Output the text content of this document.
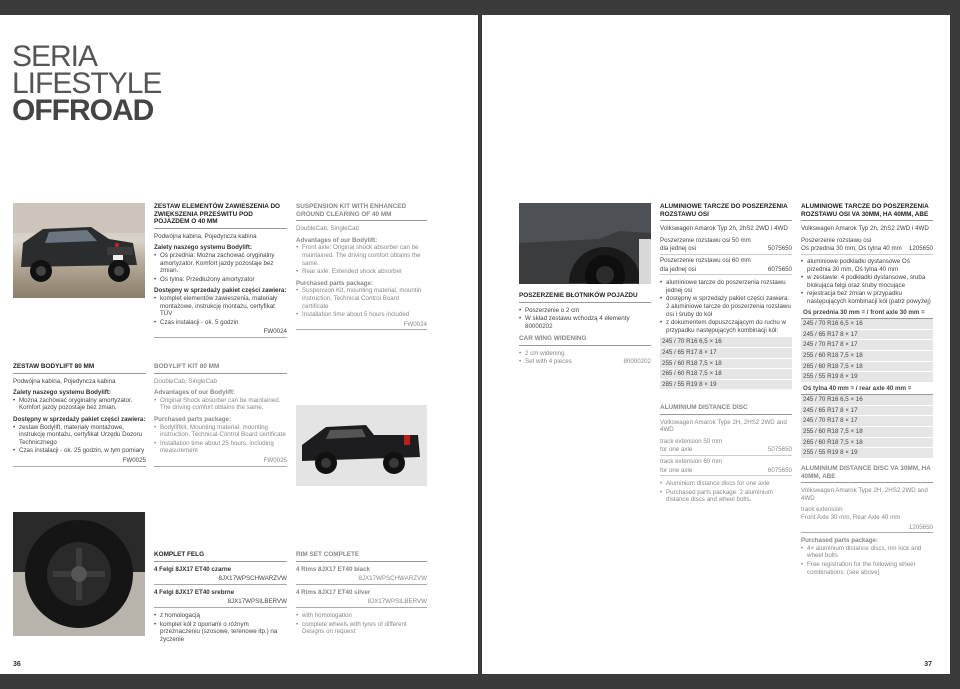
SERIA
LIFESTYLE
OFFROAD
ZESTAW ELEMENTÓW ZAWIESZENIA DO ZWIĘKSZENIA PRZEŚWITU POD POJAZDEM O 40 MM
Podwójna kabina, Pojedyncza kabina
Zalety naszego systemu Bodylift:
• Oś przednia: Można zachować oryginalny amortyzator. Komfort jazdy pozostaje bez zmian.
• Oś tylna: Przedłużony amortyzator
Dostępny w sprzedaży pakiet części zawiera:
• komplet elementów zawieszenia, materiały montażowe, instrukcję montażu, certyfikat TÜV
• Czas instalacji - ok. 5 godzin
FW0024
SUSPENSION KIT WITH ENHANCED GROUND CLEARING OF 40 MM
DoubleCab, SingleCab
Advantages of our Bodylift:
• Front axle: Original shock absorber can be maintained. The driving comfort obtains the same.
• Rear axle: Extended shock absorber
Purchased parts package:
• Suspension Kit, mounting material, mountin instruction, Technical Control Board certificate
• Installation time about 5 hours included
FW0024
ZESTAW BODYLIFT 80 MM
Podwójna kabina, Pojedyncza kabina
Zalety naszego systemu Bodylift:
• Można zachować oryginalny amortyzator. Komfort jazdy pozostaje bez zmian.
Dostępny w sprzedaży pakiet części zawiera:
• zestaw Bodylift, materiały montażowe, instrukcję montażu, certyfikat Urzędu Dozoru Technicznego
• Czas instalacji - ok. 25 godzin, w tym pomiary
FW0025
BODYLIFT KIT 80 MM
DoubleCab, SingleCab
Advantages of our Bodylift:
• Original Shock absorber can be maintained. The driving comfort obtains the same.
Purchased parts package:
• Bodyliftkit, Mounting material, mounting instruction, Technical-Control Board certificate
• Installation time about 25 hours, including measurement
FW0025
KOMPLET FELG
4 Felgi 8JX17 ET40 czarne
8JX17WPSCHWARZVW
4 Felgi 8JX17 ET40 srebrne
8JX17WPSILBERVW
• z homologacją
• komplet kół z oponami o różnym przeznaczeniu (szosowe, terenowe itp.) na życzenie
RIM SET COMPLETE
4 Rims 8JX17 ET40 black
8JX17WPSCHWARZVW
4 Rims 8JX17 ET40 silver
8JX17WPSILBERVW
• with homologation
• complete wheels with tyres of different Designs on request
36
POSZERZENIE BŁOTNIKÓW POJAZDU
• Poszerzenie o 2 cm
• W skład zestawu wchodzą 4 elementy 80000202
CAR WING WIDENING
• 2 cm widening
• Set with 4 pieces	80000202
ALUMINIOWE TARCZE DO POSZERZENIA ROZSTAWU OSI
Volkswagen Amarok Typ 2h, 2hS2 2WD i 4WD
Poszerzenie rozstawu osi 50 mm
dla jednej osi	5075650
Poszerzenie rozstawu osi 60 mm
dla jednej osi	6075650
• aluminiowe tarcze do poszerzenia rozstawu jednej osi
• dostępny w sprzedaży pakiet części zawiera: 2 aluminiowe tarcze do poszerzenia rozstawu osi i śruby do kół
• z dokumentem dopuszczającym do ruchu w przypadku następujących kombinacji kół:
245 / 70 R16 6,5 × 16
245 / 65 R17 8 × 17
255 / 60 R18 7,5 × 18
265 / 60 R18 7,5 × 18
285 / 55 R19 8 × 19
ALUMINIUM DISTANCE DISC
Volkswagen Amarok Type 2H, 2HS2 2WD and 4WD
track extension 50 mm
for one axle	5075650
track extension 60 mm
for one axle	6075650
• Aluminium distance discs for one axle
• Purchased parts package: 2 aluminium distance discs and wheel bolts.
ALUMINIOWE TARCZE DO POSZERZENIA ROZSTAWU OSI VA 30MM, HA 40MM, ABE
Volkswagen Amarok Typ 2h, 2hS2 2WD i 4WD
Poszerzenie rozstawu osi
Oś przednia 30 mm, Oś tylna 40 mm 1205650
• aluminiowe podkładki dystansowe Oś przednia 30 mm, Oś tylna 40 mm
• w zestawie: 4 podkładki dystansowe, śruba blokująca felgi oraz śruby mocujące
• rejestracja bez zmian w przypadku następujących kombinacji kół (patrz powyżej)
Oś przednia 30 mm = / front axle 30 mm =
245 / 70 R16 6,5 × 16
245 / 65 R17 8 × 17
245 / 70 R17 8 × 17
255 / 60 R18 7,5 × 18
265 / 60 R18 7,5 × 18
255 / 55 R19 8 × 19
Oś tylna 40 mm = / rear axle 40 mm =
245 / 70 R16 6,5 × 16
245 / 65 R17 8 × 17
245 / 70 R17 8 × 17
255 / 60 R18 7,5 × 18
265 / 60 R18 7,5 × 18
255 / 55 R19 8 × 19
ALUMINIUM DISTANCE DISC VA 30MM, HA 40MM, ABE
Volkswagen Amarok Type 2H, 2HS2 2WD and 4WD
track extension
Front Axle 30 mm, Rear Axle 40 mm
1205650
Purchased parts package:
• 4× aluminium distance discs, rim lock and wheel bolts
• Free registration for the following wheel combinations: (see above)
37
